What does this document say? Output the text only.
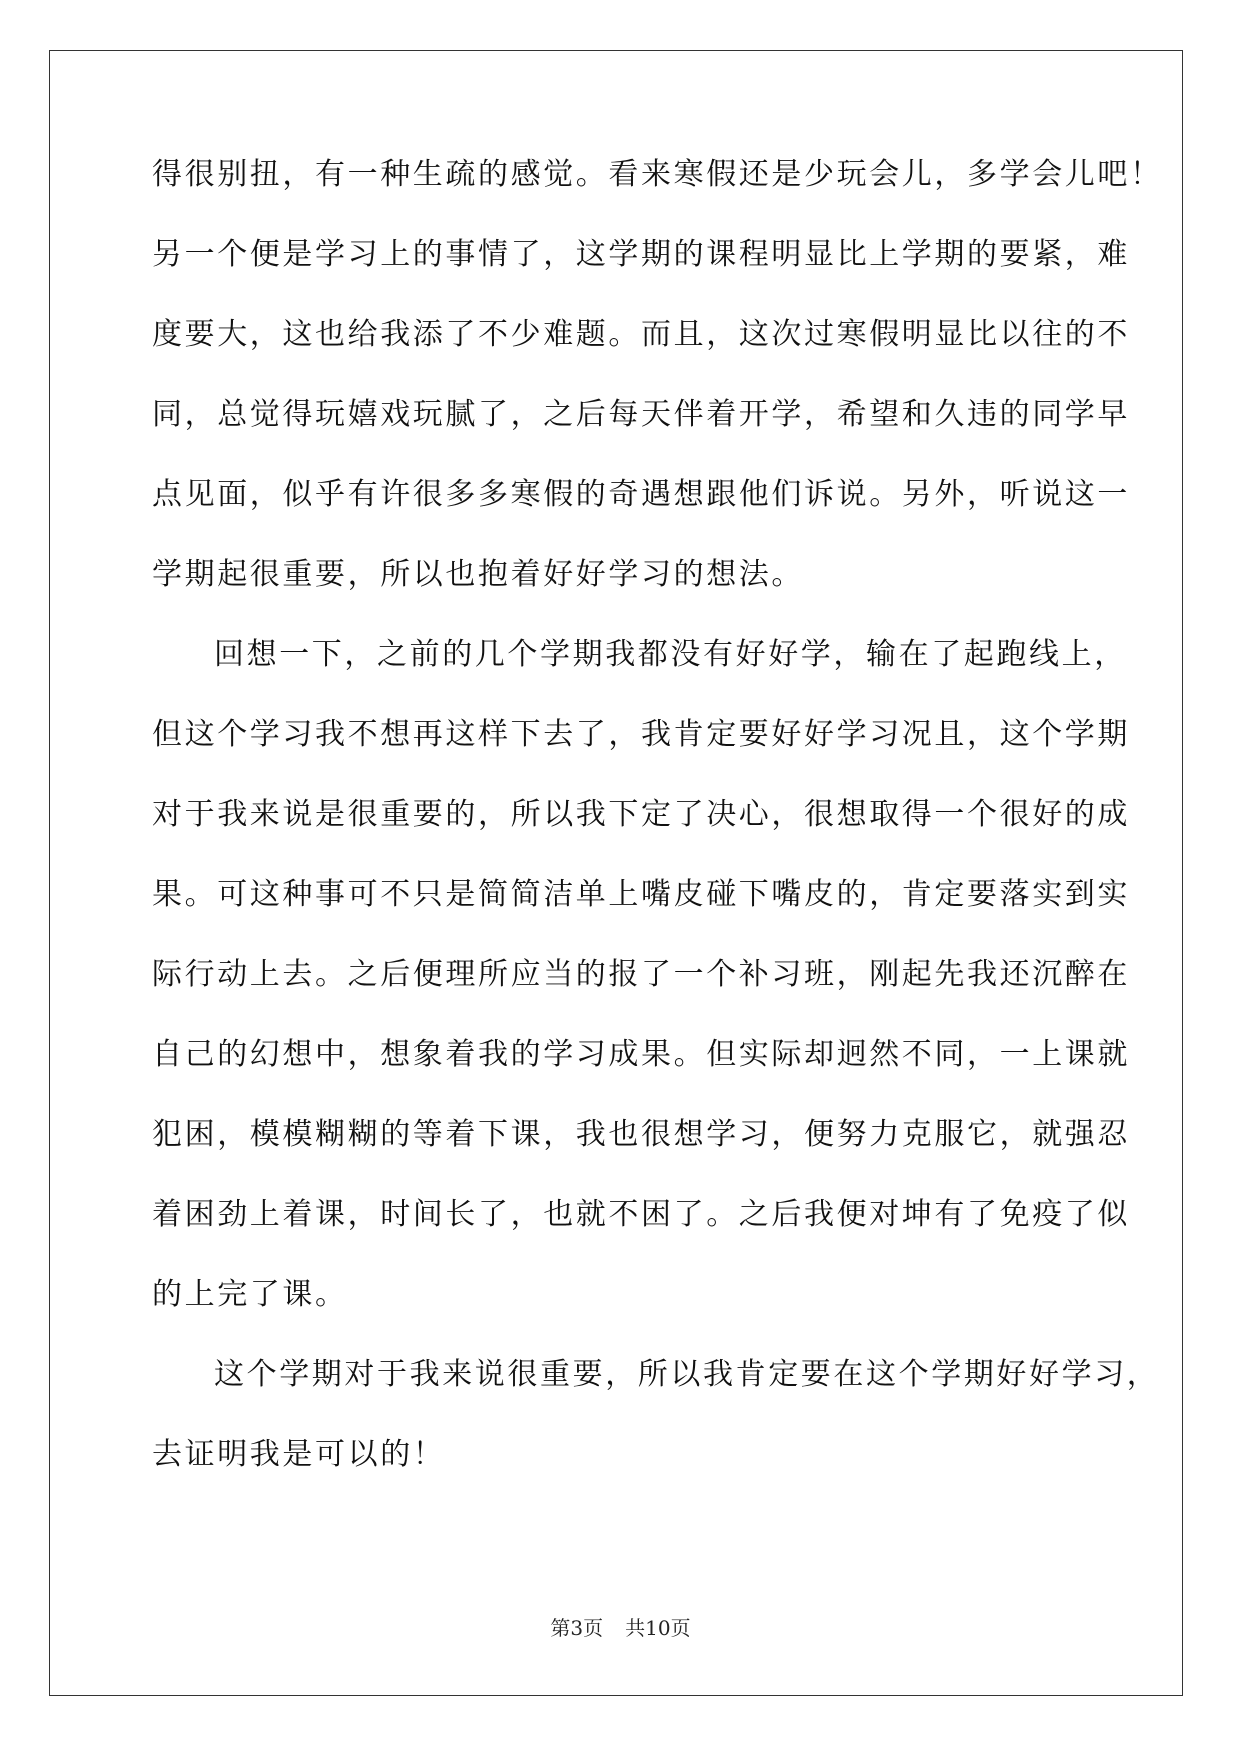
得很别扭，有一种生疏的感觉。看来寒假还是少玩会儿，多学会儿吧！
另一个便是学习上的事情了，这学期的课程明显比上学期的要紧，难
度要大，这也给我添了不少难题。而且，这次过寒假明显比以往的不
同，总觉得玩嬉戏玩腻了，之后每天伴着开学，希望和久违的同学早
点见面，似乎有许很多多寒假的奇遇想跟他们诉说。另外，听说这一
学期起很重要，所以也抱着好好学习的想法。
回想一下，之前的几个学期我都没有好好学，输在了起跑线上，
但这个学习我不想再这样下去了，我肯定要好好学习况且，这个学期
对于我来说是很重要的，所以我下定了决心，很想取得一个很好的成
果。可这种事可不只是简简洁单上嘴皮碰下嘴皮的，肯定要落实到实
际行动上去。之后便理所应当的报了一个补习班，刚起先我还沉醉在
自己的幻想中，想象着我的学习成果。但实际却迥然不同，一上课就
犯困，模模糊糊的等着下课，我也很想学习，便努力克服它，就强忍
着困劲上着课，时间长了，也就不困了。之后我便对坤有了免疫了似
的上完了课。
这个学期对于我来说很重要，所以我肯定要在这个学期好好学习，
去证明我是可以的！
第3页 共10页
